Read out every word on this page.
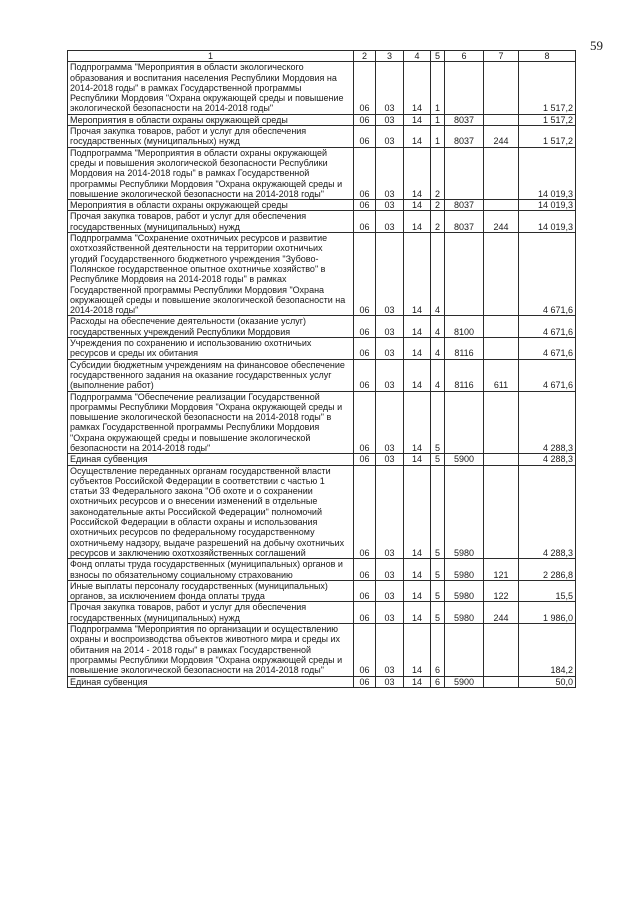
59
1	2	3	4	5	6	7	8
Подпрограмма "Мероприятия в области экологического образования и воспитания населения Республики Мордовия на 2014-2018 годы" в рамках Государственной программы Республики Мордовия "Охрана окружающей среды и повышение экологической безопасности на 2014-2018 годы"	06	03	14	1			1 517,2
Мероприятия в области охраны окружающей среды	06	03	14	1	8037		1 517,2
Прочая закупка товаров, работ и услуг для обеспечения государственных (муниципальных) нужд	06	03	14	1	8037	244	1 517,2
Подпрограмма "Мероприятия в области охраны окружающей среды и повышения экологической безопасности Республики Мордовия на 2014-2018 годы" в рамках Государственной программы Республики Мордовия "Охрана окружающей среды и повышение экологической безопасности на 2014-2018 годы"	06	03	14	2			14 019,3
Мероприятия в области охраны окружающей среды	06	03	14	2	8037		14 019,3
Прочая закупка товаров, работ и услуг для обеспечения государственных (муниципальных) нужд	06	03	14	2	8037	244	14 019,3
Подпрограмма "Сохранение охотничьих ресурсов и развитие охотхозяйственной деятельности на территории охотничьих угодий Государственного бюджетного учреждения "Зубово-Полянское государственное опытное охотничье хозяйство" в Республике Мордовия на 2014-2018 годы" в рамках Государственной программы Республики Мордовия "Охрана окружающей среды и повышение экологической безопасности на 2014-2018 годы"	06	03	14	4			4 671,6
Расходы на обеспечение деятельности (оказание услуг) государственных учреждений Республики Мордовия	06	03	14	4	8100		4 671,6
Учреждения по сохранению и использованию охотничьих ресурсов и среды их обитания	06	03	14	4	8116		4 671,6
Субсидии бюджетным учреждениям на финансовое обеспечение государственного задания на оказание государственных услуг (выполнение работ)	06	03	14	4	8116	611	4 671,6
Подпрограмма "Обеспечение реализации Государственной программы Республики Мордовия "Охрана окружающей среды и повышение экологической безопасности на 2014-2018 годы" в рамках Государственной программы Республики Мордовия "Охрана окружающей среды и повышение экологической безопасности на 2014-2018 годы"	06	03	14	5			4 288,3
Единая субвенция	06	03	14	5	5900		4 288,3
Осуществление переданных органам государственной власти субъектов Российской Федерации в соответствии с частью 1 статьи 33 Федерального закона "Об охоте и о сохранении охотничьих ресурсов и о внесении изменений в отдельные законодательные акты Российской Федерации" полномочий Российской Федерации в области охраны и использования охотничьих ресурсов по федеральному государственному охотничьему надзору, выдаче разрешений на добычу охотничьих ресурсов и заключению охотхозяйственных соглашений	06	03	14	5	5980		4 288,3
Фонд оплаты труда государственных (муниципальных) органов и взносы по обязательному социальному страхованию	06	03	14	5	5980	121	2 286,8
Иные выплаты персоналу государственных (муниципальных) органов, за исключением фонда оплаты труда	06	03	14	5	5980	122	15,5
Прочая закупка товаров, работ и услуг для обеспечения государственных (муниципальных) нужд	06	03	14	5	5980	244	1 986,0
Подпрограмма "Мероприятия по организации и осуществлению охраны и воспроизводства объектов животного мира и среды их обитания на 2014 - 2018 годы" в рамках Государственной программы Республики Мордовия "Охрана окружающей среды и повышение экологической безопасности на 2014-2018 годы"	06	03	14	6			184,2
Единая субвенция	06	03	14	6	5900		50,0
